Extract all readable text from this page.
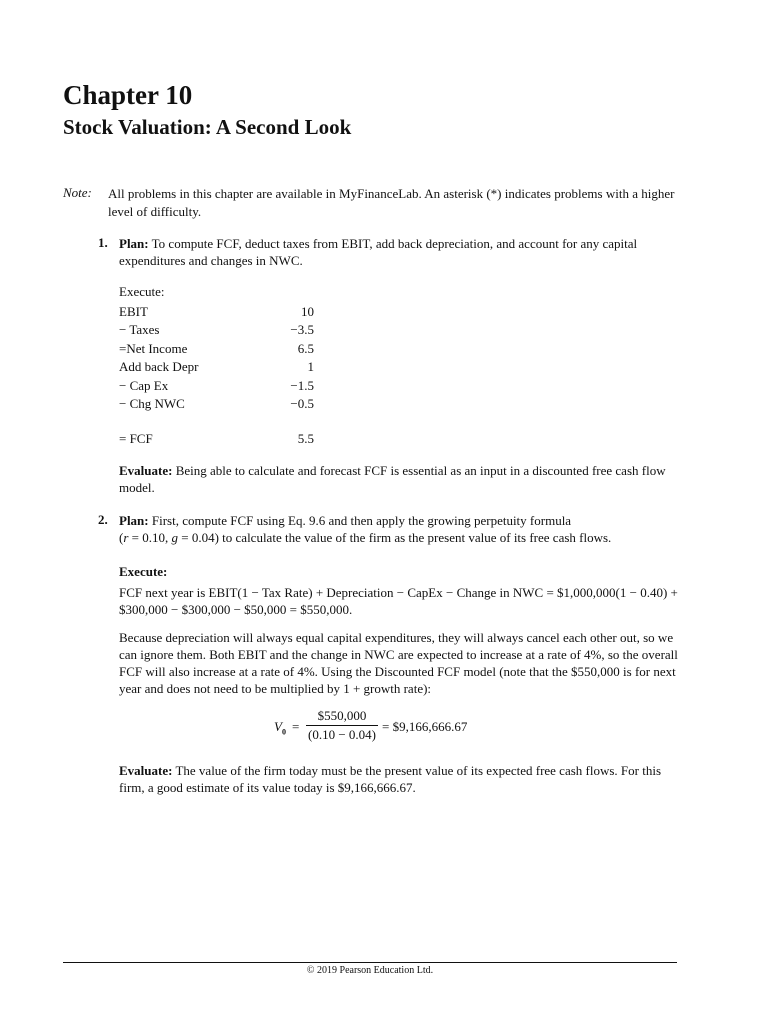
Chapter 10
Stock Valuation: A Second Look
Note: All problems in this chapter are available in MyFinanceLab. An asterisk (*) indicates problems with a higher level of difficulty.
1. Plan: To compute FCF, deduct taxes from EBIT, add back depreciation, and account for any capital expenditures and changes in NWC.
Execute:
EBIT	10
− Taxes	−3.5
=Net Income	6.5
Add back Depr	1
− Cap Ex	−1.5
− Chg NWC	−0.5
= FCF	5.5
Evaluate: Being able to calculate and forecast FCF is essential as an input in a discounted free cash flow model.
2. Plan: First, compute FCF using Eq. 9.6 and then apply the growing perpetuity formula
(r = 0.10, g = 0.04) to calculate the value of the firm as the present value of its free cash flows.
Execute:
FCF next year is EBIT(1 − Tax Rate) + Depreciation − CapEx − Change in NWC = $1,000,000(1 − 0.40) + $300,000 − $300,000 − $50,000 = $550,000.
Because depreciation will always equal capital expenditures, they will always cancel each other out, so we can ignore them. Both EBIT and the change in NWC are expected to increase at a rate of 4%, so the overall FCF will also increase at a rate of 4%. Using the Discounted FCF model (note that the $550,000 is for next year and does not need to be multiplied by 1 + growth rate):
$V_0$ =
$550,000
(0.10 − 0.04)
= $9,166,666.67
Evaluate: The value of the firm today must be the present value of its expected free cash flows. For this firm, a good estimate of its value today is $9,166,666.67.
© 2019 Pearson Education Ltd.
